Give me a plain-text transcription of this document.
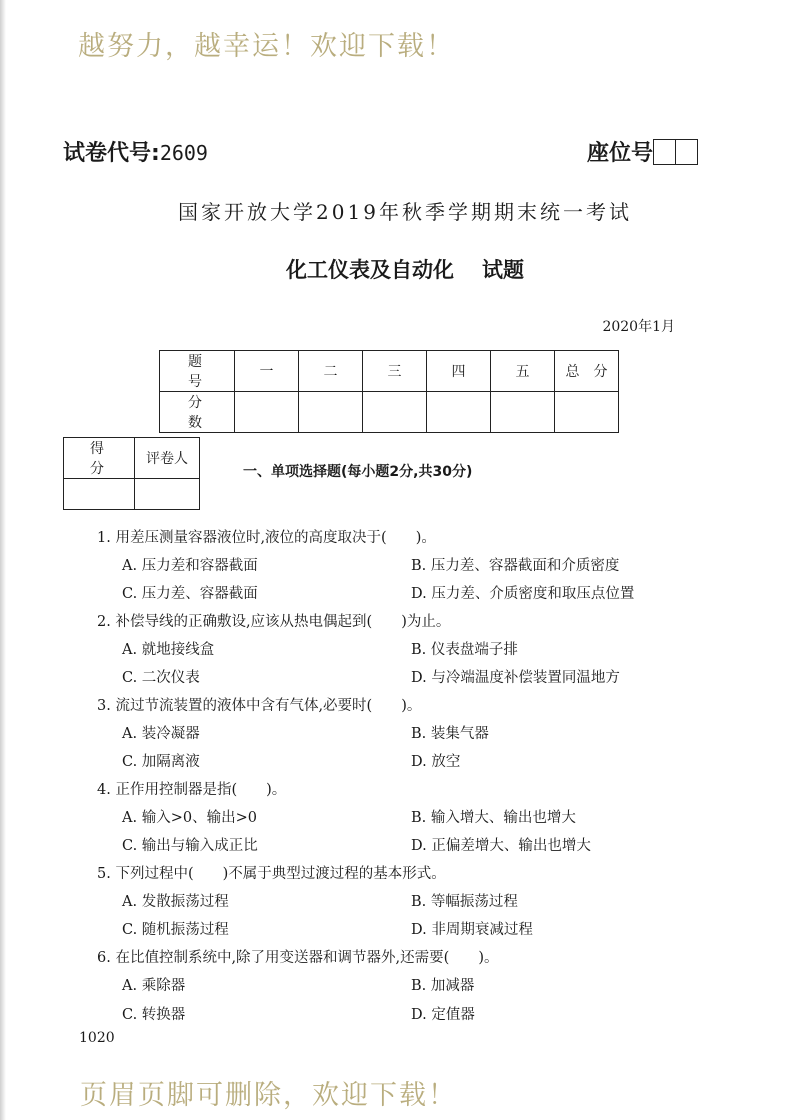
越努力，越幸运！欢迎下载！
试卷代号:2609	座位号
国家开放大学2019年秋季学期期末统一考试
化工仪表及自动化 试题
2020年1月
题　号	一	二	三	四	五	总　分
分　数						
得　分	评卷人

一、单项选择题(每小题2分,共30分)
1. 用差压测量容器液位时,液位的高度取决于(　　)。
A. 压力差和容器截面	B. 压力差、容器截面和介质密度
C. 压力差、容器截面	D. 压力差、介质密度和取压点位置
2. 补偿导线的正确敷设,应该从热电偶起到(　　)为止。
A. 就地接线盒	B. 仪表盘端子排
C. 二次仪表	D. 与冷端温度补偿装置同温地方
3. 流过节流装置的液体中含有气体,必要时(　　)。
A. 装冷凝器	B. 装集气器
C. 加隔离液	D. 放空
4. 正作用控制器是指(　　)。
A. 输入>0、输出>0	B. 输入增大、输出也增大
C. 输出与输入成正比	D. 正偏差增大、输出也增大
5. 下列过程中(　　)不属于典型过渡过程的基本形式。
A. 发散振荡过程	B. 等幅振荡过程
C. 随机振荡过程	D. 非周期衰减过程
6. 在比值控制系统中,除了用变送器和调节器外,还需要(　　)。
A. 乘除器	B. 加减器
C. 转换器	D. 定值器
1020
页眉页脚可删除，欢迎下载！
